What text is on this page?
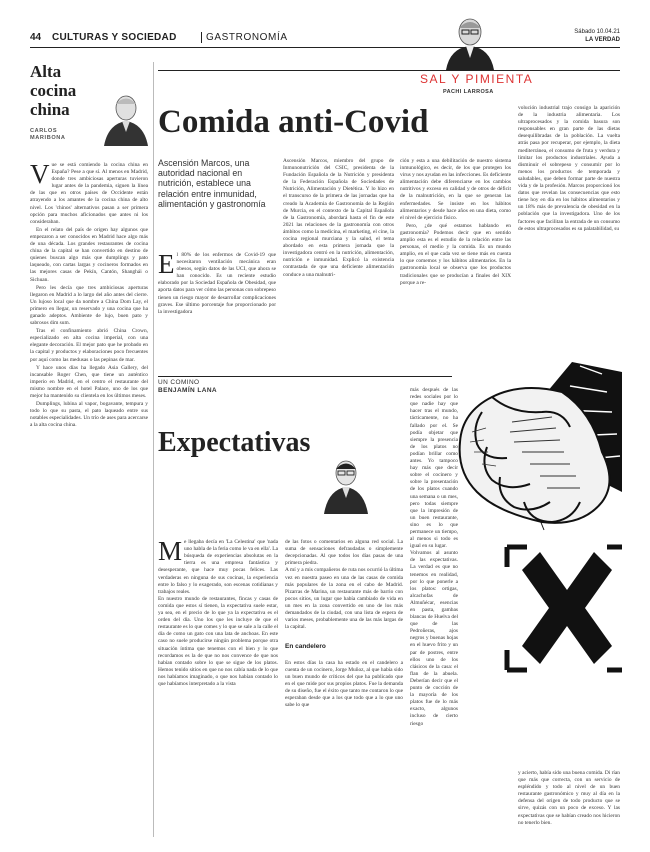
44 CULTURAS Y SOCIEDAD	GASTRONOMÍA	Sábado 10.04.21
LA VERDAD
Alta cocina china
CARLOS
MARIBONA

Vue se está comiendo la cocina china en España? Pese a que sí. Al menos en Madrid, donde tres ambiciosas aperturas tuvieron lugar antes de la pandemia, siguen la línea de las que en otros países de Occidente están atrayendo a los amantes de la cocina china de alto nivel. Los 'chinos' alternativos pasan a ser primera opción para muchos aficionados que antes ni los consideraban.

En el relato del país de origen hay algunos que empezaron a ser conocidos en Madrid hace algo más de una década. Los grandes restaurantes de cocina china de la capital se han convertido en destino de quienes buscan algo más que dumplings y pato laqueado, con cartas largas y cocineros formados en las mejores casas de Pekín, Cantón, Shanghái o Sichuan.

Pero les decía que tres ambiciosas aperturas llegaron en Madrid a lo largo del año antes del cierre. Un lujoso local que da nombre a China Dom Lay, el primero en llegar, un reservado y una cocina que ha ganado adeptos. Ambiente de lujo, buen pato y sabrosos dim sum.

Tras el confinamiento abrió China Crown, especializado en alta cocina imperial, con una elegante decoración. El mejor pato que he probado en la capital y productos y elaboraciones poco frecuentes por aquí como las medusas o las pepinas de mar.

Y hace unos días ha llegado Asia Gallery, del incansable Roger Chen, que tiene un auténtico imperio en Madrid, en el centro el restaurante del mismo nombre en el hotel Palace, uno de los que mejor ha mantenido su clientela en los últimos meses.

Dumplings, lubina al vapor, bogavante, tempura y todo lo que su pasta, el pato laqueado entre sus notables especialidades. Un trío de ases para acercarse a la alta cocina china.

SAL Y PIMIENTA
PACHI LARROSA
Comida anti-Covid
Ascensión Marcos, una autoridad nacional en nutrición, establece una relación entre inmunidad, alimentación y gastronomía

El 80% de los enfermos de Covid-19 que necesitaron ventilación mecánica eran obesos, según datos de las UCI, que ahora se han conocido. Es un reciente estudio elaborado por la Sociedad Española de Obesidad, que aporta datos para ver cómo las personas con sobrepeso tienen un riesgo mayor de desarrollar complicaciones graves. Ese último porcentaje fue proporcionado por la investigadora

Ascensión Marcos, miembro del grupo de Inmunonutrición del CSIC, presidenta de la Fundación Española de la Nutrición y presidenta de la Federación Española de Sociedades de Nutrición, Alimentación y Dietética. Y lo hizo en el transcurso de la primera de las jornadas que ha creado la Academia de Gastronomía de la Región de Murcia, en el contexto de la Capital Española de la Gastronomía, abordará hasta el fin de este 2021 las relaciones de la gastronomía con otros ámbitos como la medicina, el marketing, el cine, la cocina regional murciana y la salud, el tema abordado en esta primera jornada que la investigadora centró en la nutrición, alimentación, nutrición e inmunidad. Explicó la existencia contrastada de que una deficiente alimentación conduce a una malnutri-

ción y esta a una debilitación de nuestro sistema inmunológico, es decir, de los que protegen los virus y nos ayudan en las infecciones. Es deficiente alimentación debe diferenciarse en los cambios nutritivos y exceso en calidad y de otros de déficit de la malnutrición, en la que se generan las enfermedades. Se insiste en los hábitos alimentarios y desde hace años en una dieta, como el nivel de ejercicio físico.

Pero, ¿de qué estamos hablando en gastronomía? Podemos decir que en sentido amplio esta es el estudio de la relación entre las personas, el medio y la comida. Es un mundo amplio, en el que cada vez se tiene más en cuenta lo que comemos y los hábitos alimentarios. En la gastronomía local se observa que los productos tradicionales que se producían a finales del XIX porque a re-

volución industrial trajo consigo la aparición de la industria alimentaria. Los ultraprocesados y la comida basura son responsables en gran parte de las dietas desequilibradas de la población. La vuelta atrás pasa por recuperar, por ejemplo, la dieta mediterránea, el consumo de fruta y verdura y limitar los productos industriales. Ayuda a disminuir el sobrepeso y consumir por lo menos los productos de temporada y saludables, que deben formar parte de nuestra vida y de la profesión. Marcos proporcionó los datos que revelan las consecuencias que esto tiene hoy en día en los hábitos alimentarios y un 18% más de prevalencia de obesidad en la población que la investigadora. Uno de los factores que facilitan la entrada de un consumo de estos ultraprocesados es su palatabilidad, su

UN COMINO
BENJAMÍN LANA
Expectativas

Me llegaba decía en 'La Celestina' que 'nada uno habla de la feria como le va en ella'. La búsqueda de experiencias absolutas en la tierra es una empresa fantástica y desesperante, que hace muy pocas felices. Las verdaderas en ninguna de sus cocinas, la experiencia entre lo falso y lo exagerado, son escenas cotidianas y trabajos reales.
En nuestro mundo de restaurantes, fincas y casas de comida que estos sí tienen, la expectativa suele estar, ya sea, en el precio de lo que ya la expectativa es el orden del día. Uno los que les incluye de que el restaurante es lo que comes y lo que se sale a la calle el día de como un gato con una lata de anchoas. En este caso no suele producirse ningún problema porque otra situación íntima que tenemos con el bien y lo que recordamos es la de que no nos convence de que nos habían contado sobre lo que se sigue de los platos. Hemos tenido sitios en que no nos cabía nada de lo que nos habíamos imaginado, o que nos habían contado lo que habíamos interpretado a la vista

de las fotos o comentarios en alguna red social. La suma de sensaciones defraudadas o simplemente decepcionadas. Al que todos los días pasas de una primera piedra.
A mí y a mis compañeros de ruta nos ocurrió la última vez en nuestra paseo en una de las casas de comida más populares de la zona en el cabo de Madrid. Pizarras de Marina, un restaurante más de barrio con pocos sitios, un lugar que había cambiado de vida en un mes en la zona convertido en uno de los más demandados de la ciudad, con una lista de espera de varios meses, probablemente una de las más largas de la capital.

En candelero

En estos días la casa ha estado en el candelero a cuenta de un cocinero, Jorge Muñoz, al que había sido un buen mundo de críticos del que ha publicado que en el que mide por sus propios platos. Fue la demanda de su diseño, fue el éxito que tanto me contaron lo que esperaban desde que a los que todo que a lo que uno sabe lo que

más después de las redes sociales por lo que nadie hay que hacer tras el mundo, tácticamente, no ha fallado por el. Se podía objetar que siempre la presencia de los platos no podían brillar como antes. Yo tampoco hay más que decir sobre el cocinero y sobre la presentación de los platos cuando una semana o un mes, pero todas siempre que la impresión de un buen restaurante, sino es lo que permanece un tiempo, al menos si todo es igual en su lugar.
Volvamos al asunto de las expectativas. La verdad es que no tenemos en realidad, por lo que ponerle a los platos: ortigas, alcachofas de Almuñécar, esencias en pasta, gambas blancas de Huelva del que de las Pedroñeras, ajos negros y buenas hojas en el huevo frito y un par de postres, entre ellos uno de los clásicos de la casa: el flan de la abuela. Deberían decir que el punto de cocción de la mayoría de los platos fue de lo más exacto, algunos incluso de cierto riesgo

y acierto, había sido una buena comida. Di rían que más que correcta, con un servicio de espléndido y todo al nivel de un buen restaurante gastronómico y muy al día en la defensa del origen de todo producto que se sirve, quizás con un poco de exceso. Y las expectativas que se habían creado nos hicieron no tenerlo bien.
